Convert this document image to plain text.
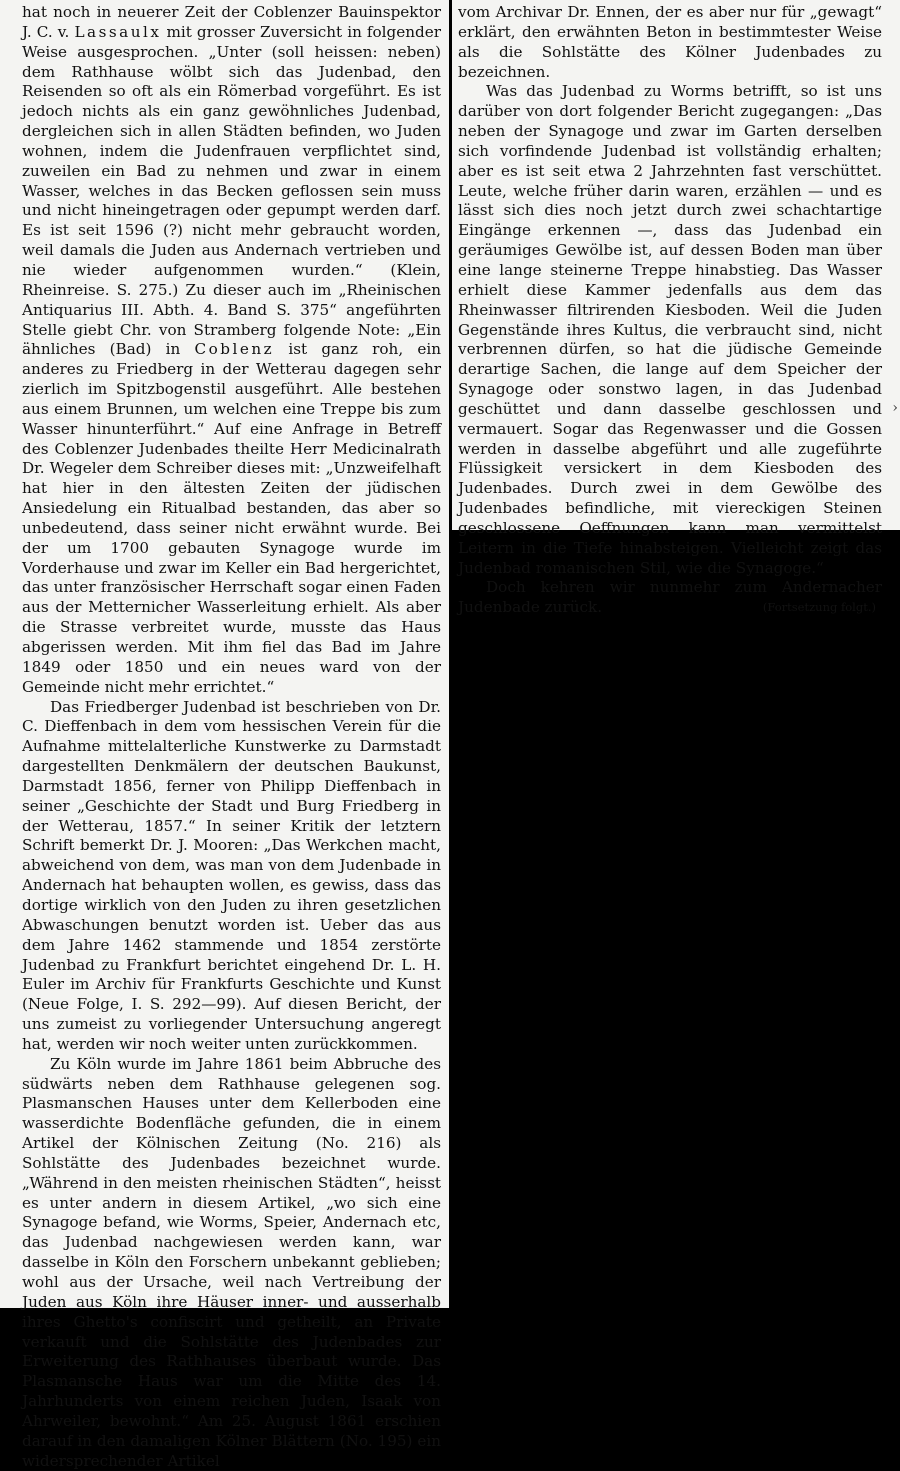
hat noch in neuerer Zeit der Coblenzer Bauinspektor J. C. v. Lassaulx mit grosser Zuversicht in folgender Weise ausgesprochen. „Unter (soll heissen: neben) dem Rathhause wölbt sich das Judenbad, den Reisenden so oft als ein Römerbad vorgeführt. Es ist jedoch nichts als ein ganz gewöhnliches Judenbad, dergleichen sich in allen Städten befinden, wo Juden wohnen, indem die Judenfrauen verpflichtet sind, zuweilen ein Bad zu nehmen und zwar in einem Wasser, welches in das Becken geflossen sein muss und nicht hineingetragen oder gepumpt werden darf. Es ist seit 1596 (?) nicht mehr gebraucht worden, weil damals die Juden aus Andernach vertrieben und nie wieder aufgenommen wurden.“ (Klein, Rheinreise. S. 275.) Zu dieser auch im „Rheinischen Antiquarius III. Abth. 4. Band S. 375“ angeführten Stelle giebt Chr. von Stramberg folgende Note: „Ein ähnliches (Bad) in Coblenz ist ganz roh, ein anderes zu Friedberg in der Wetterau dagegen sehr zierlich im Spitzbogenstil ausgeführt. Alle bestehen aus einem Brunnen, um welchen eine Treppe bis zum Wasser hinunterführt.“ Auf eine Anfrage in Betreff des Coblenzer Judenbades theilte Herr Medicinalrath Dr. Wegeler dem Schreiber dieses mit: „Unzweifelhaft hat hier in den ältesten Zeiten der jüdischen Ansiedelung ein Ritualbad bestanden, das aber so unbedeutend, dass seiner nicht erwähnt wurde. Bei der um 1700 gebauten Synagoge wurde im Vorderhause und zwar im Keller ein Bad hergerichtet, das unter französischer Herrschaft sogar einen Faden aus der Metternicher Wasserleitung erhielt. Als aber die Strasse verbreitet wurde, musste das Haus abgerissen werden. Mit ihm fiel das Bad im Jahre 1849 oder 1850 und ein neues ward von der Gemeinde nicht mehr errichtet.“

Das Friedberger Judenbad ist beschrieben von Dr. C. Dieffenbach in dem vom hessischen Verein für die Aufnahme mittelalterliche Kunstwerke zu Darmstadt dargestellten Denkmälern der deutschen Baukunst, Darmstadt 1856, ferner von Philipp Dieffenbach in seiner „Geschichte der Stadt und Burg Friedberg in der Wetterau, 1857.“ In seiner Kritik der letztern Schrift bemerkt Dr. J. Mooren: „Das Werkchen macht, abweichend von dem, was man von dem Judenbade in Andernach hat behaupten wollen, es gewiss, dass das dortige wirklich von den Juden zu ihren gesetzlichen Abwaschungen benutzt worden ist. Ueber das aus dem Jahre 1462 stammende und 1854 zerstörte Judenbad zu Frankfurt berichtet eingehend Dr. L. H. Euler im Archiv für Frankfurts Geschichte und Kunst (Neue Folge, I. S. 292—99). Auf diesen Bericht, der uns zumeist zu vorliegender Untersuchung angeregt hat, werden wir noch weiter unten zurückkommen.

Zu Köln wurde im Jahre 1861 beim Abbruche des südwärts neben dem Rathhause gelegenen sog. Plasmanschen Hauses unter dem Kellerboden eine wasserdichte Bodenfläche gefunden, die in einem Artikel der Kölnischen Zeitung (No. 216) als Sohlstätte des Judenbades bezeichnet wurde. „Während in den meisten rheinischen Städten“, heisst es unter andern in diesem Artikel, „wo sich eine Synagoge befand, wie Worms, Speier, Andernach etc, das Judenbad nachgewiesen werden kann, war dasselbe in Köln den Forschern unbekannt geblieben; wohl aus der Ursache, weil nach Vertreibung der Juden aus Köln ihre Häuser inner- und ausserhalb ihres Ghetto's confiscirt und getheilt, an Private verkauft und die Sohlstätte des Judenbades zur Erweiterung des Rathhauses überbaut wurde. Das Plasmansche Haus war um die Mitte des 14. Jahrhunderts von einem reichen Juden, Isaak von Ahrweiler, bewohnt.“ Am 25. August 1861 erschien darauf in den damaligen Kölner Blättern (No. 195) ein widersprechender Artikel

vom Archivar Dr. Ennen, der es aber nur für „gewagt“ erklärt, den erwähnten Beton in bestimmtester Weise als die Sohlstätte des Kölner Judenbades zu bezeichnen.

Was das Judenbad zu Worms betrifft, so ist uns darüber von dort folgender Bericht zugegangen: „Das neben der Synagoge und zwar im Garten derselben sich vorfindende Judenbad ist vollständig erhalten; aber es ist seit etwa 2 Jahrzehnten fast verschüttet. Leute, welche früher darin waren, erzählen — und es lässt sich dies noch jetzt durch zwei schachtartige Eingänge erkennen —, dass das Judenbad ein geräumiges Gewölbe ist, auf dessen Boden man über eine lange steinerne Treppe hinabstieg. Das Wasser erhielt diese Kammer jedenfalls aus dem das Rheinwasser filtrirenden Kiesboden. Weil die Juden Gegenstände ihres Kultus, die verbraucht sind, nicht verbrennen dürfen, so hat die jüdische Gemeinde derartige Sachen, die lange auf dem Speicher der Synagoge oder sonstwo lagen, in das Judenbad geschüttet und dann dasselbe geschlossen und vermauert. Sogar das Regenwasser und die Gossen werden in dasselbe abgeführt und alle zugeführte Flüssigkeit versickert in dem Kiesboden des Judenbades. Durch zwei in dem Gewölbe des Judenbades befindliche, mit viereckigen Steinen geschlossene Oeffnungen kann man vermittelst Leitern in die Tiefe hinabsteigen. Vielleicht zeigt das Judenbad romanischen Stil, wie die Synagoge.“

Doch kehren wir nunmehr zum Andernacher Judenbade zurück.	(Fortsetzung folgt.)

›
